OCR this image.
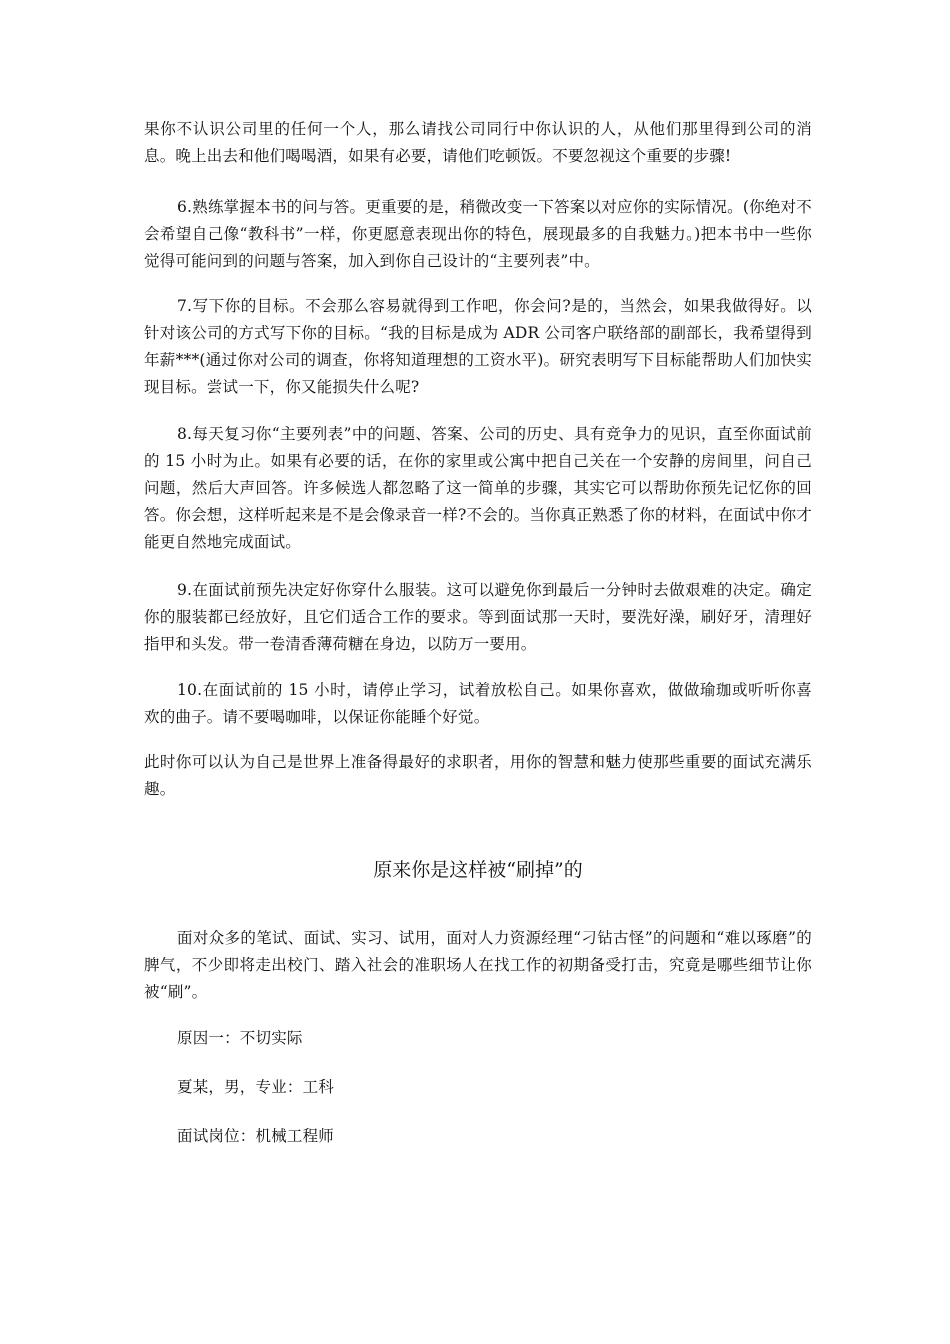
果你不认识公司里的任何一个人，那么请找公司同行中你认识的人，从他们那里得到公司的消息。晚上出去和他们喝喝酒，如果有必要，请他们吃顿饭。不要忽视这个重要的步骤!

6.熟练掌握本书的问与答。更重要的是，稍微改变一下答案以对应你的实际情况。(你绝对不会希望自己像“教科书”一样，你更愿意表现出你的特色，展现最多的自我魅力。)把本书中一些你觉得可能问到的问题与答案，加入到你自己设计的“主要列表”中。

7.写下你的目标。不会那么容易就得到工作吧，你会问?是的，当然会，如果我做得好。以针对该公司的方式写下你的目标。“我的目标是成为 ADR 公司客户联络部的副部长，我希望得到年薪***(通过你对公司的调查，你将知道理想的工资水平)。研究表明写下目标能帮助人们加快实现目标。尝试一下，你又能损失什么呢?

8.每天复习你“主要列表”中的问题、答案、公司的历史、具有竞争力的见识，直至你面试前的 15 小时为止。如果有必要的话，在你的家里或公寓中把自己关在一个安静的房间里，问自己问题，然后大声回答。许多候选人都忽略了这一简单的步骤，其实它可以帮助你预先记忆你的回答。你会想，这样听起来是不是会像录音一样?不会的。当你真正熟悉了你的材料，在面试中你才能更自然地完成面试。

9.在面试前预先决定好你穿什么服装。这可以避免你到最后一分钟时去做艰难的决定。确定你的服装都已经放好，且它们适合工作的要求。等到面试那一天时，要洗好澡，刷好牙，清理好指甲和头发。带一卷清香薄荷糖在身边，以防万一要用。

10.在面试前的 15 小时，请停止学习，试着放松自己。如果你喜欢，做做瑜珈或听听你喜欢的曲子。请不要喝咖啡，以保证你能睡个好觉。

此时你可以认为自己是世界上准备得最好的求职者，用你的智慧和魅力使那些重要的面试充满乐趣。

原来你是这样被“刷掉”的

面对众多的笔试、面试、实习、试用，面对人力资源经理“刁钻古怪”的问题和“难以琢磨”的脾气，不少即将走出校门、踏入社会的准职场人在找工作的初期备受打击，究竟是哪些细节让你被“刷”。

原因一：不切实际

夏某，男，专业：工科

面试岗位：机械工程师
